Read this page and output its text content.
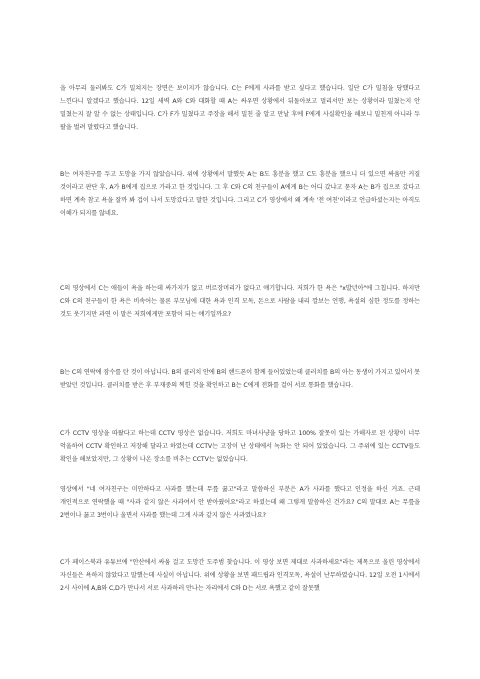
을 아무리 둘러봐도 C가 밀쳐지는 장면은 보이지가 않습니다. C는 F에게 사과를 받고 싶다고 했습니다. 일단 C가 밀침을 당했다고 느낀다니 알겠다고 했습니다. 12일 새벽 A와 C와 대화할 때 A는 싸우면 상황에서 뒤돌아보고 멀리서만 보는 상황이라 밀쳤는지 안 밀쳤는지 잘 알 수 없는 상태입니다. C가 F가 밀쳤다고 주장을 해서 밀친 줄 알고 만날 후에 F에게 사실확인을 해보니 밀친게 아니라 두 팔을 벌려 말렸다고 했습니다.

B는 여자친구를 두고 도망을 가지 않았습니다. 위에 상황에서 말했듯 A는 B도 흥분을 했고 C도 흥분을 했으니 더 있으면 싸움만 커질 것이라고 판단 후, A가 B에게 집으로 가라고 한 것입니다. 그 후 C와 C의 친구들이 A에게 B는 어디 갔냐고 묻자 A는 B가 집으로 갔다고 하면 계속 참고 욕을 잘까 봐 겁이 나서 도망갔다고 말한 것입니다. 그리고 C가 영상에서 왜 계속 '전 여친'이라고 언급하셨는지는 아직도 이해가 되지를 않네요.

C의 영상에서 C는 애들이 욕을 하는데 싸가지가 없고 버르장머리가 없다고 얘기합니다. 저희가 한 욕은 "x발년아"에 그칩니다. 하지만 C와 C의 친구들이 한 욕은 비속어는 물론 부모님에 대한 욕과 인격 모독, 돈으로 사람을 내리 깔보는 언행, 욕설의 심한 정도를 정하는 것도 웃기지만 과연 이 말은 저희에게만 포함이 되는 얘기일까요?

B는 C의 연락에 잠수를 탄 것이 아닙니다. B의 클러치 안에 B의 핸드폰이 함께 들어있었는데 클러치를 B의 아는 동생이 가지고 있어서 못 받았던 것입니다. 클러치를 받은 후 부재중의 찍힌 것을 확인하고 B는 C에게 전화를 걸어 서로 통화를 했습니다.

C가 CCTV 영상을 따왔다고 하는데 CCTV 영상은 없습니다. 저희도 마녀사냥을 당하고 100% 잘못이 있는 가해자로 된 상황이 너무 억울하여 CCTV 확인하고 저장해 달라고 하였는데 CCTV는 고장이 난 상태에서 녹화는 안 되어 있었습니다. 그 주위에 있는 CCTV들도 확인을 해보았지만, 그 상황이 나온 장소를 비추는 CCTV는 없었습니다.

영상에서 "네 여자친구는 미안하다고 사과를 했는데 무릎 꿇고"라고 말씀하신 부분은 A가 사과를 했다고 인정을 하신 거죠. 근데 개인적으로 연락했을 때 "사과 같지 않은 사과여서 안 받아줬어요"라고 하셨는데 왜 그렇게 말씀하신 건가요? C의 말대로 A는 무릎을 2번이나 꿇고 3번이나 울면서 사과를 했는데 그게 사과 같지 않은 사과였나요?

C가 페이스북과 유튜브에 "안산에서 싸움 걸고 도망간 도주범 찾습니다. 이 영상 보면 제대로 사과하세요"라는 제목으로 올린 영상에서 자신들은 욕하지 않았다고 말했는데 사실이 아닙니다. 위에 상황을 보면 패드립과 인격모독, 욕설이 난무하였습니다. 12일 오전 1시에서 2시 사이에 A,B와 C,D가 만나서 서로 사과하러 만나는 자리에서 C와 D는 서로 욕했고 같이 잘못했
